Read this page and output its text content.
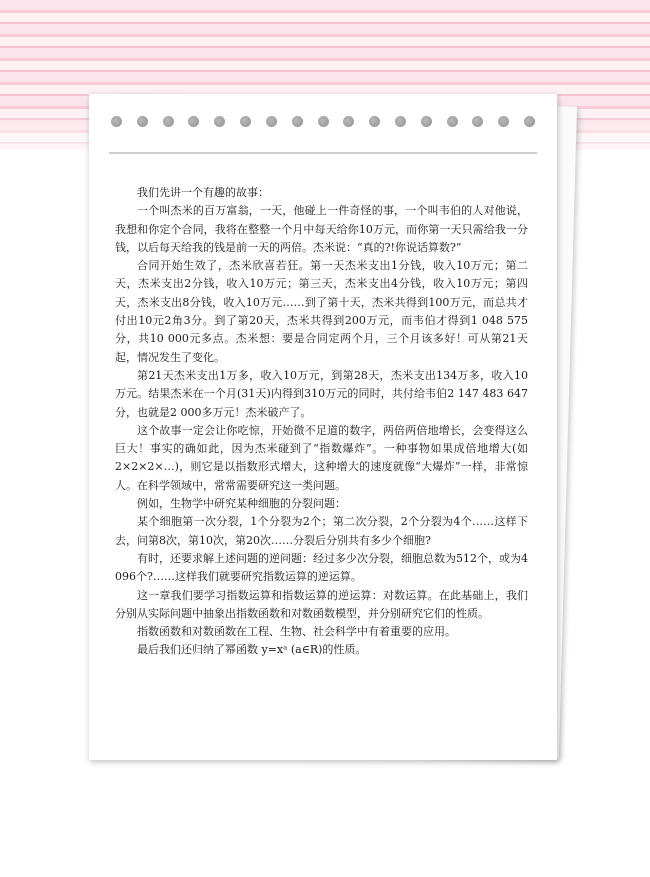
我们先讲一个有趣的故事：

一个叫杰米的百万富翁，一天，他碰上一件奇怪的事，一个叫韦伯的人对他说，我想和你定个合同，我将在整整一个月中每天给你10万元，而你第一天只需给我一分钱，以后每天给我的钱是前一天的两倍。杰米说：“真的?!你说话算数?”

合同开始生效了，杰米欣喜若狂。第一天杰米支出1分钱，收入10万元；第二天，杰米支出2分钱，收入10万元；第三天，杰米支出4分钱，收入10万元；第四天，杰米支出8分钱，收入10万元……到了第十天，杰米共得到100万元，而总共才付出10元2角3分。到了第20天，杰米共得到200万元，而韦伯才得到1 048 575分，共10 000元多点。杰米想：要是合同定两个月，三个月该多好！可从第21天起，情况发生了变化。

第21天杰米支出1万多，收入10万元，到第28天，杰米支出134万多，收入10万元。结果杰米在一个月(31天)内得到310万元的同时，共付给韦伯2 147 483 647分，也就是2 000多万元！杰米破产了。

这个故事一定会让你吃惊，开始微不足道的数字，两倍两倍地增长，会变得这么巨大！事实的确如此，因为杰米碰到了“指数爆炸”。一种事物如果成倍地增大(如2×2×2×…)，则它是以指数形式增大，这种增大的速度就像“大爆炸”一样，非常惊人。在科学领域中，常常需要研究这一类问题。

例如，生物学中研究某种细胞的分裂问题：

某个细胞第一次分裂，1个分裂为2个；第二次分裂，2个分裂为4个……这样下去，问第8次，第10次，第20次……分裂后分别共有多少个细胞?

有时，还要求解上述问题的逆问题：经过多少次分裂，细胞总数为512个，或为4 096个?……这样我们就要研究指数运算的逆运算。

这一章我们要学习指数运算和指数运算的逆运算：对数运算。在此基础上，我们分别从实际问题中抽象出指数函数和对数函数模型，并分别研究它们的性质。

指数函数和对数函数在工程、生物、社会科学中有着重要的应用。

最后我们还归纳了幂函数 y=xᵃ (a∈R)的性质。
